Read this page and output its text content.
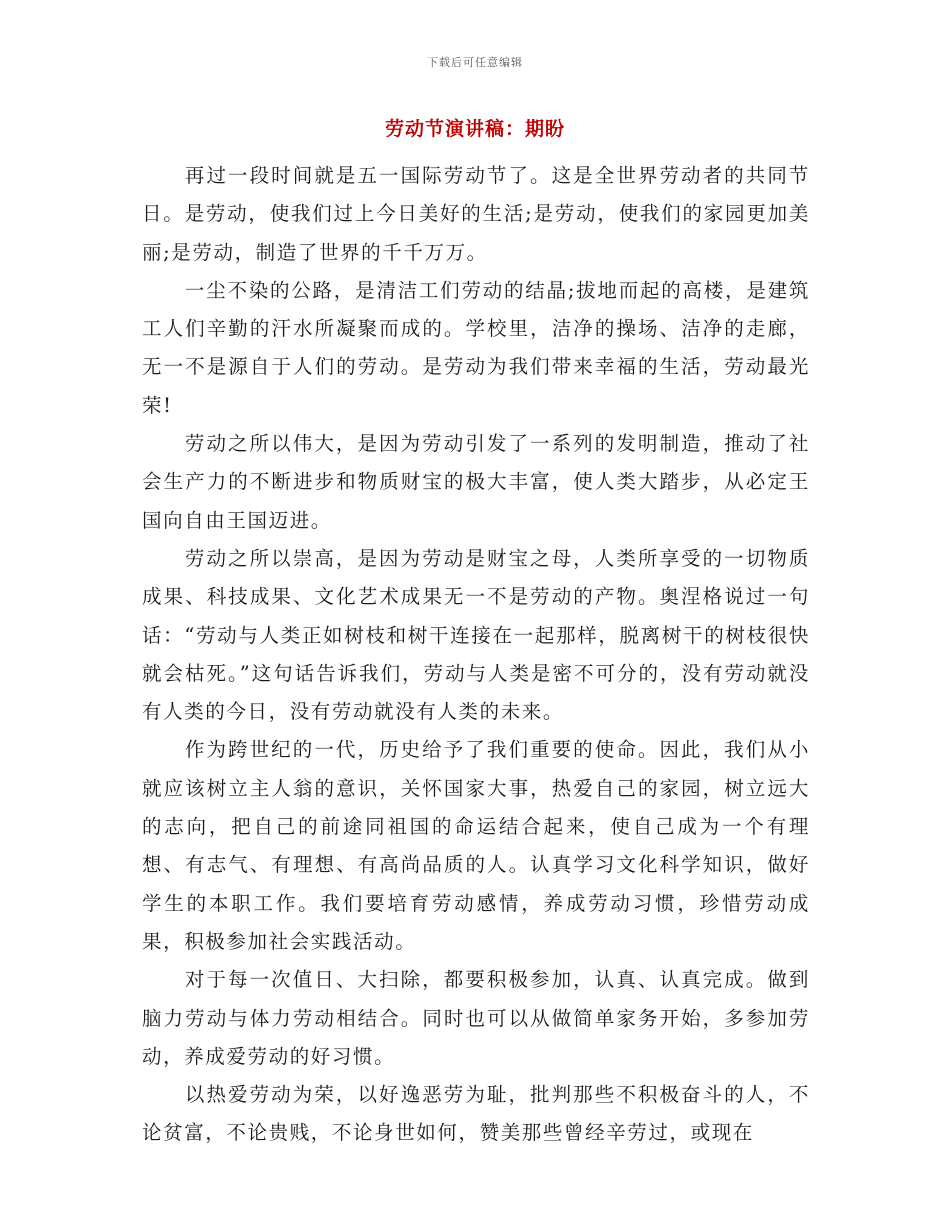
下载后可任意编辑
劳动节演讲稿：期盼

再过一段时间就是五一国际劳动节了。这是全世界劳动者的共同节日。是劳动，使我们过上今日美好的生活;是劳动，使我们的家园更加美丽;是劳动，制造了世界的千千万万。

一尘不染的公路，是清洁工们劳动的结晶;拔地而起的高楼，是建筑工人们辛勤的汗水所凝聚而成的。学校里，洁净的操场、洁净的走廊，无一不是源自于人们的劳动。是劳动为我们带来幸福的生活，劳动最光荣!

劳动之所以伟大，是因为劳动引发了一系列的发明制造，推动了社会生产力的不断进步和物质财宝的极大丰富，使人类大踏步，从必定王国向自由王国迈进。

劳动之所以崇高，是因为劳动是财宝之母，人类所享受的一切物质成果、科技成果、文化艺术成果无一不是劳动的产物。奥涅格说过一句话：“劳动与人类正如树枝和树干连接在一起那样，脱离树干的树枝很快就会枯死。”这句话告诉我们，劳动与人类是密不可分的，没有劳动就没有人类的今日，没有劳动就没有人类的未来。

作为跨世纪的一代，历史给予了我们重要的使命。因此，我们从小就应该树立主人翁的意识，关怀国家大事，热爱自己的家园，树立远大的志向，把自己的前途同祖国的命运结合起来，使自己成为一个有理想、有志气、有理想、有高尚品质的人。认真学习文化科学知识，做好学生的本职工作。我们要培育劳动感情，养成劳动习惯，珍惜劳动成果，积极参加社会实践活动。

对于每一次值日、大扫除，都要积极参加，认真、认真完成。做到脑力劳动与体力劳动相结合。同时也可以从做简单家务开始，多参加劳动，养成爱劳动的好习惯。

以热爱劳动为荣，以好逸恶劳为耻，批判那些不积极奋斗的人，不论贫富，不论贵贱，不论身世如何，赞美那些曾经辛劳过，或现在
